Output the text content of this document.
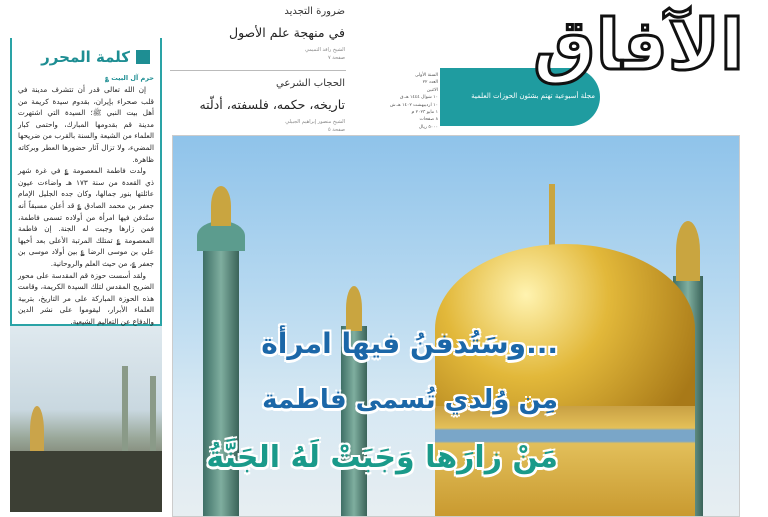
كلمة المحرر
حرم آل البيت ؏

إن الله تعالى قدر أن تتشرف مدينة في قلب صحراء بإيران، بقدوم سيدة كريمة من أهل بيت النبي ﷺ؛ السيدة التي اشتهرت مدينة قم بقدومها المبارك، واحتمى كبار العلماء من الشيعة والسنة بالقرب من ضريحها المضيء، ولا تزال آثار حضورها العطر وبركاته ظاهرة.

ولدت فاطمة المعصومة ؏ في غرة شهر ذي القعدة من سنة ١٧٣ هـ واضاءت عيون عائلتها بنور جمالها، وكان جده الجليل الإمام جعفر بن محمد الصادق ؏ قد أعلن مسبقاً أنه ستُدفن فيها امرأة من أولاده تسمى فاطمة، فمن زارها وجبت له الجنة. إن فاطمة المعصومة ؏ تمتلك المرتبة الأعلى بعد أخيها علي بن موسى الرضا ؏ بين أولاد موسى بن جعفر ؏، من حيث العلم والروحانية.

ولقد أسست حوزة قم المقدسة على محور الضريح المقدس لتلك السيدة الكريمة، وقامت هذه الحوزة المباركة على مر التاريخ، بتربية العلماء الأبرار، ليقوموا على نشر الدين والدفاع عن التعاليم الشيعية.

ضرورة التجديد
في منهجة علم الأصول
الشيخ رافد التميمي
صفحة ٧
الحجاب الشرعي
تاريخه، حكمه، فلسفته، أدلّته
الشيخ منصور إبراهيم الجبيلي
صفحة ٥
السنة الأولى
العدد ٢٢
الاثنين
١٠ شوال ١٤٤٤ هـ.ق
١٠ اردیبهشت ١٤٠٢ هـ.ش
١ مايو ٢٠٢٣ م
٨ صفحات
٥٠٠٠ ريال
مجلة أسبوعية تهتم بشئون الحوزات العلمية
الآفاق
...وسَتُدفنُ فيها امرأة
مِن وُلدي تُسمى فاطمة
مَنْ زارَها وَجَبَتْ لَهُ الجَنَّةُ
